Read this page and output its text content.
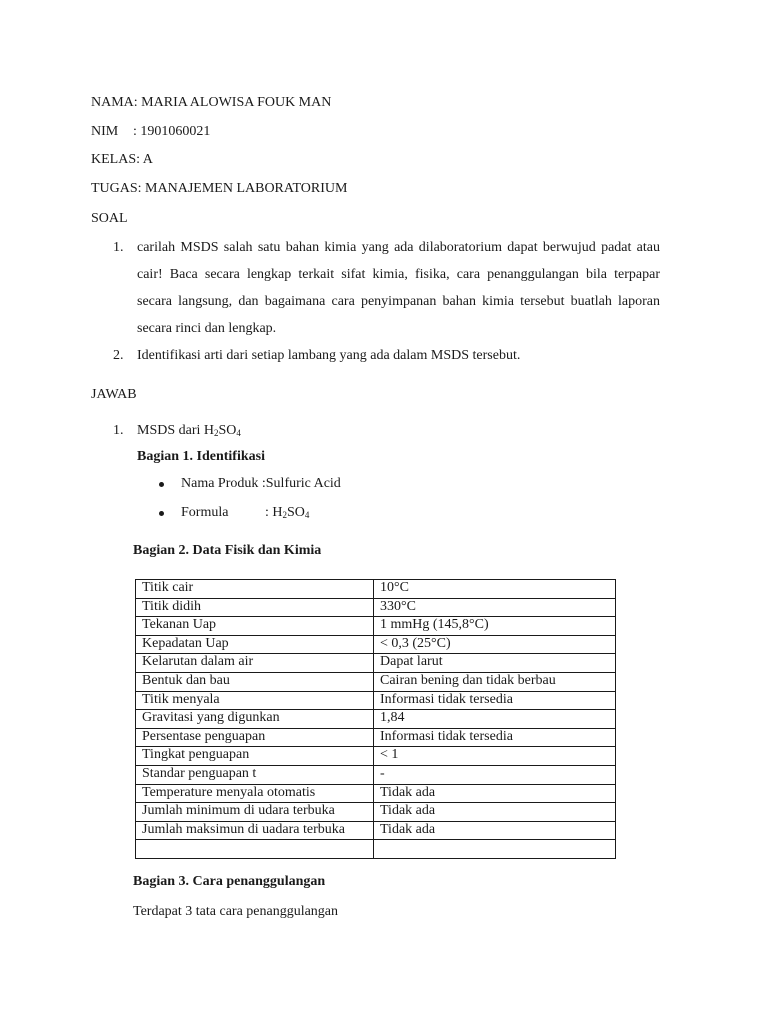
NAMA: MARIA ALOWISA FOUK MAN
NIM : 1901060021
KELAS: A
TUGAS: MANAJEMEN LABORATORIUM
SOAL
1. carilah MSDS salah satu bahan kimia yang ada dilaboratorium dapat berwujud padat atau
cair! Baca secara lengkap terkait sifat kimia, fisika, cara penanggulangan bila terpapar
secara langsung, dan bagaimana cara penyimpanan bahan kimia tersebut buatlah laporan
secara rinci dan lengkap.
2. Identifikasi arti dari setiap lambang yang ada dalam MSDS tersebut.
JAWAB
1. MSDS dari $H_2SO_4$
Bagian 1. Identifikasi
Nama Produk :Sulfuric Acid
Formula	: $H_2SO_4$
Bagian 2. Data Fisik dan Kimia
Titik cair	10°C
Titik didih	330°C
Tekanan Uap	1 mmHg (145,8°C)
Kepadatan Uap	< 0,3 (25°C)
Kelarutan dalam air	Dapat larut
Bentuk dan bau	Cairan bening dan tidak berbau
Titik menyala	Informasi tidak tersedia
Gravitasi yang digunkan	1,84
Persentase penguapan	Informasi tidak tersedia
Tingkat penguapan	< 1
Standar penguapan t	-
Temperature menyala otomatis	Tidak ada
Jumlah minimum di udara terbuka	Tidak ada
Jumlah maksimun di uadara terbuka	Tidak ada

Bagian 3. Cara penanggulangan
Terdapat 3 tata cara penanggulangan
